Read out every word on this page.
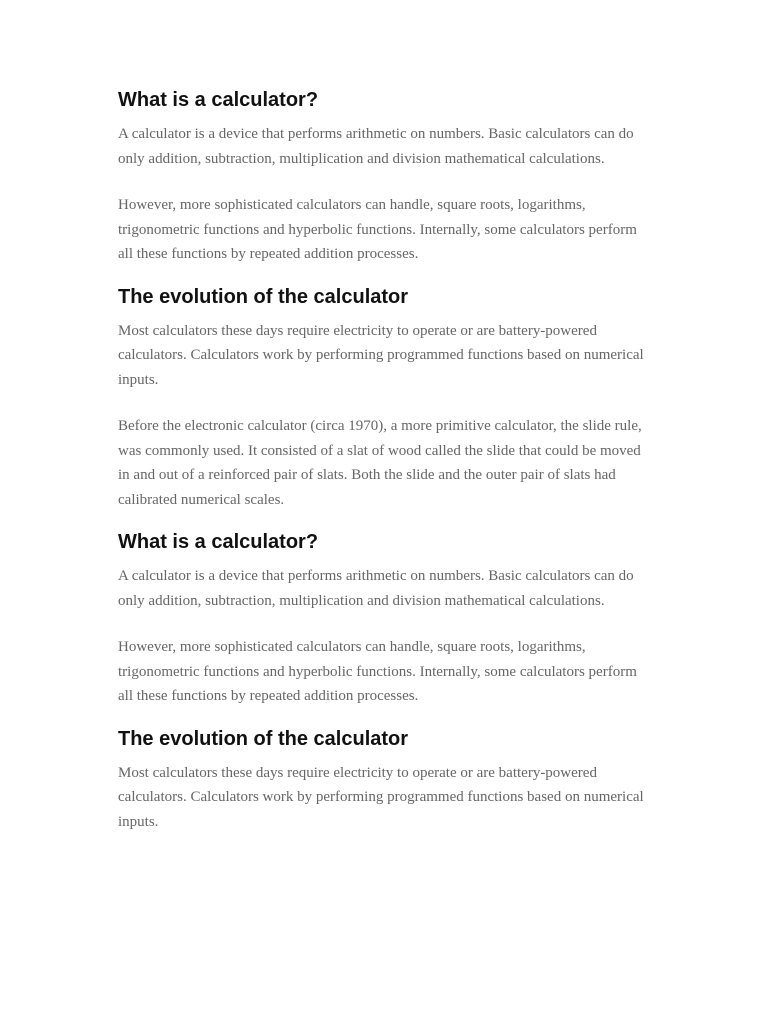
What is a calculator?

A calculator is a device that performs arithmetic on numbers. Basic calculators can do only addition, subtraction, multiplication and division mathematical calculations.

However, more sophisticated calculators can handle, square roots, logarithms, trigonometric functions and hyperbolic functions. Internally, some calculators perform all these functions by repeated addition processes.

The evolution of the calculator

Most calculators these days require electricity to operate or are battery-powered calculators. Calculators work by performing programmed functions based on numerical inputs.

Before the electronic calculator (circa 1970), a more primitive calculator, the slide rule, was commonly used. It consisted of a slat of wood called the slide that could be moved in and out of a reinforced pair of slats. Both the slide and the outer pair of slats had calibrated numerical scales.

What is a calculator?

A calculator is a device that performs arithmetic on numbers. Basic calculators can do only addition, subtraction, multiplication and division mathematical calculations.

However, more sophisticated calculators can handle, square roots, logarithms, trigonometric functions and hyperbolic functions. Internally, some calculators perform all these functions by repeated addition processes.

The evolution of the calculator

Most calculators these days require electricity to operate or are battery-powered calculators. Calculators work by performing programmed functions based on numerical inputs.
